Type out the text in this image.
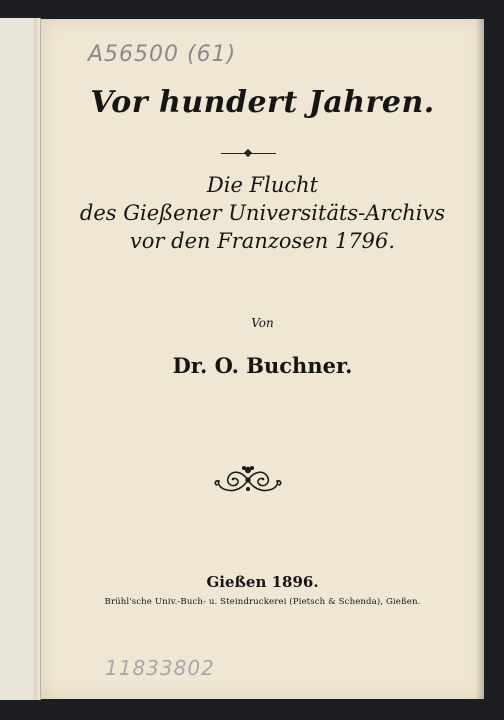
A56500 (61)
Vor hundert Jahren.
Die Flucht
des Gießener Universitäts-Archivs
vor den Franzosen 1796.
Von
Dr. O. Buchner.
Gießen 1896.
Brühl'sche Univ.-Buch- u. Steindruckerei (Pietsch & Schenda), Gießen.
11833802
